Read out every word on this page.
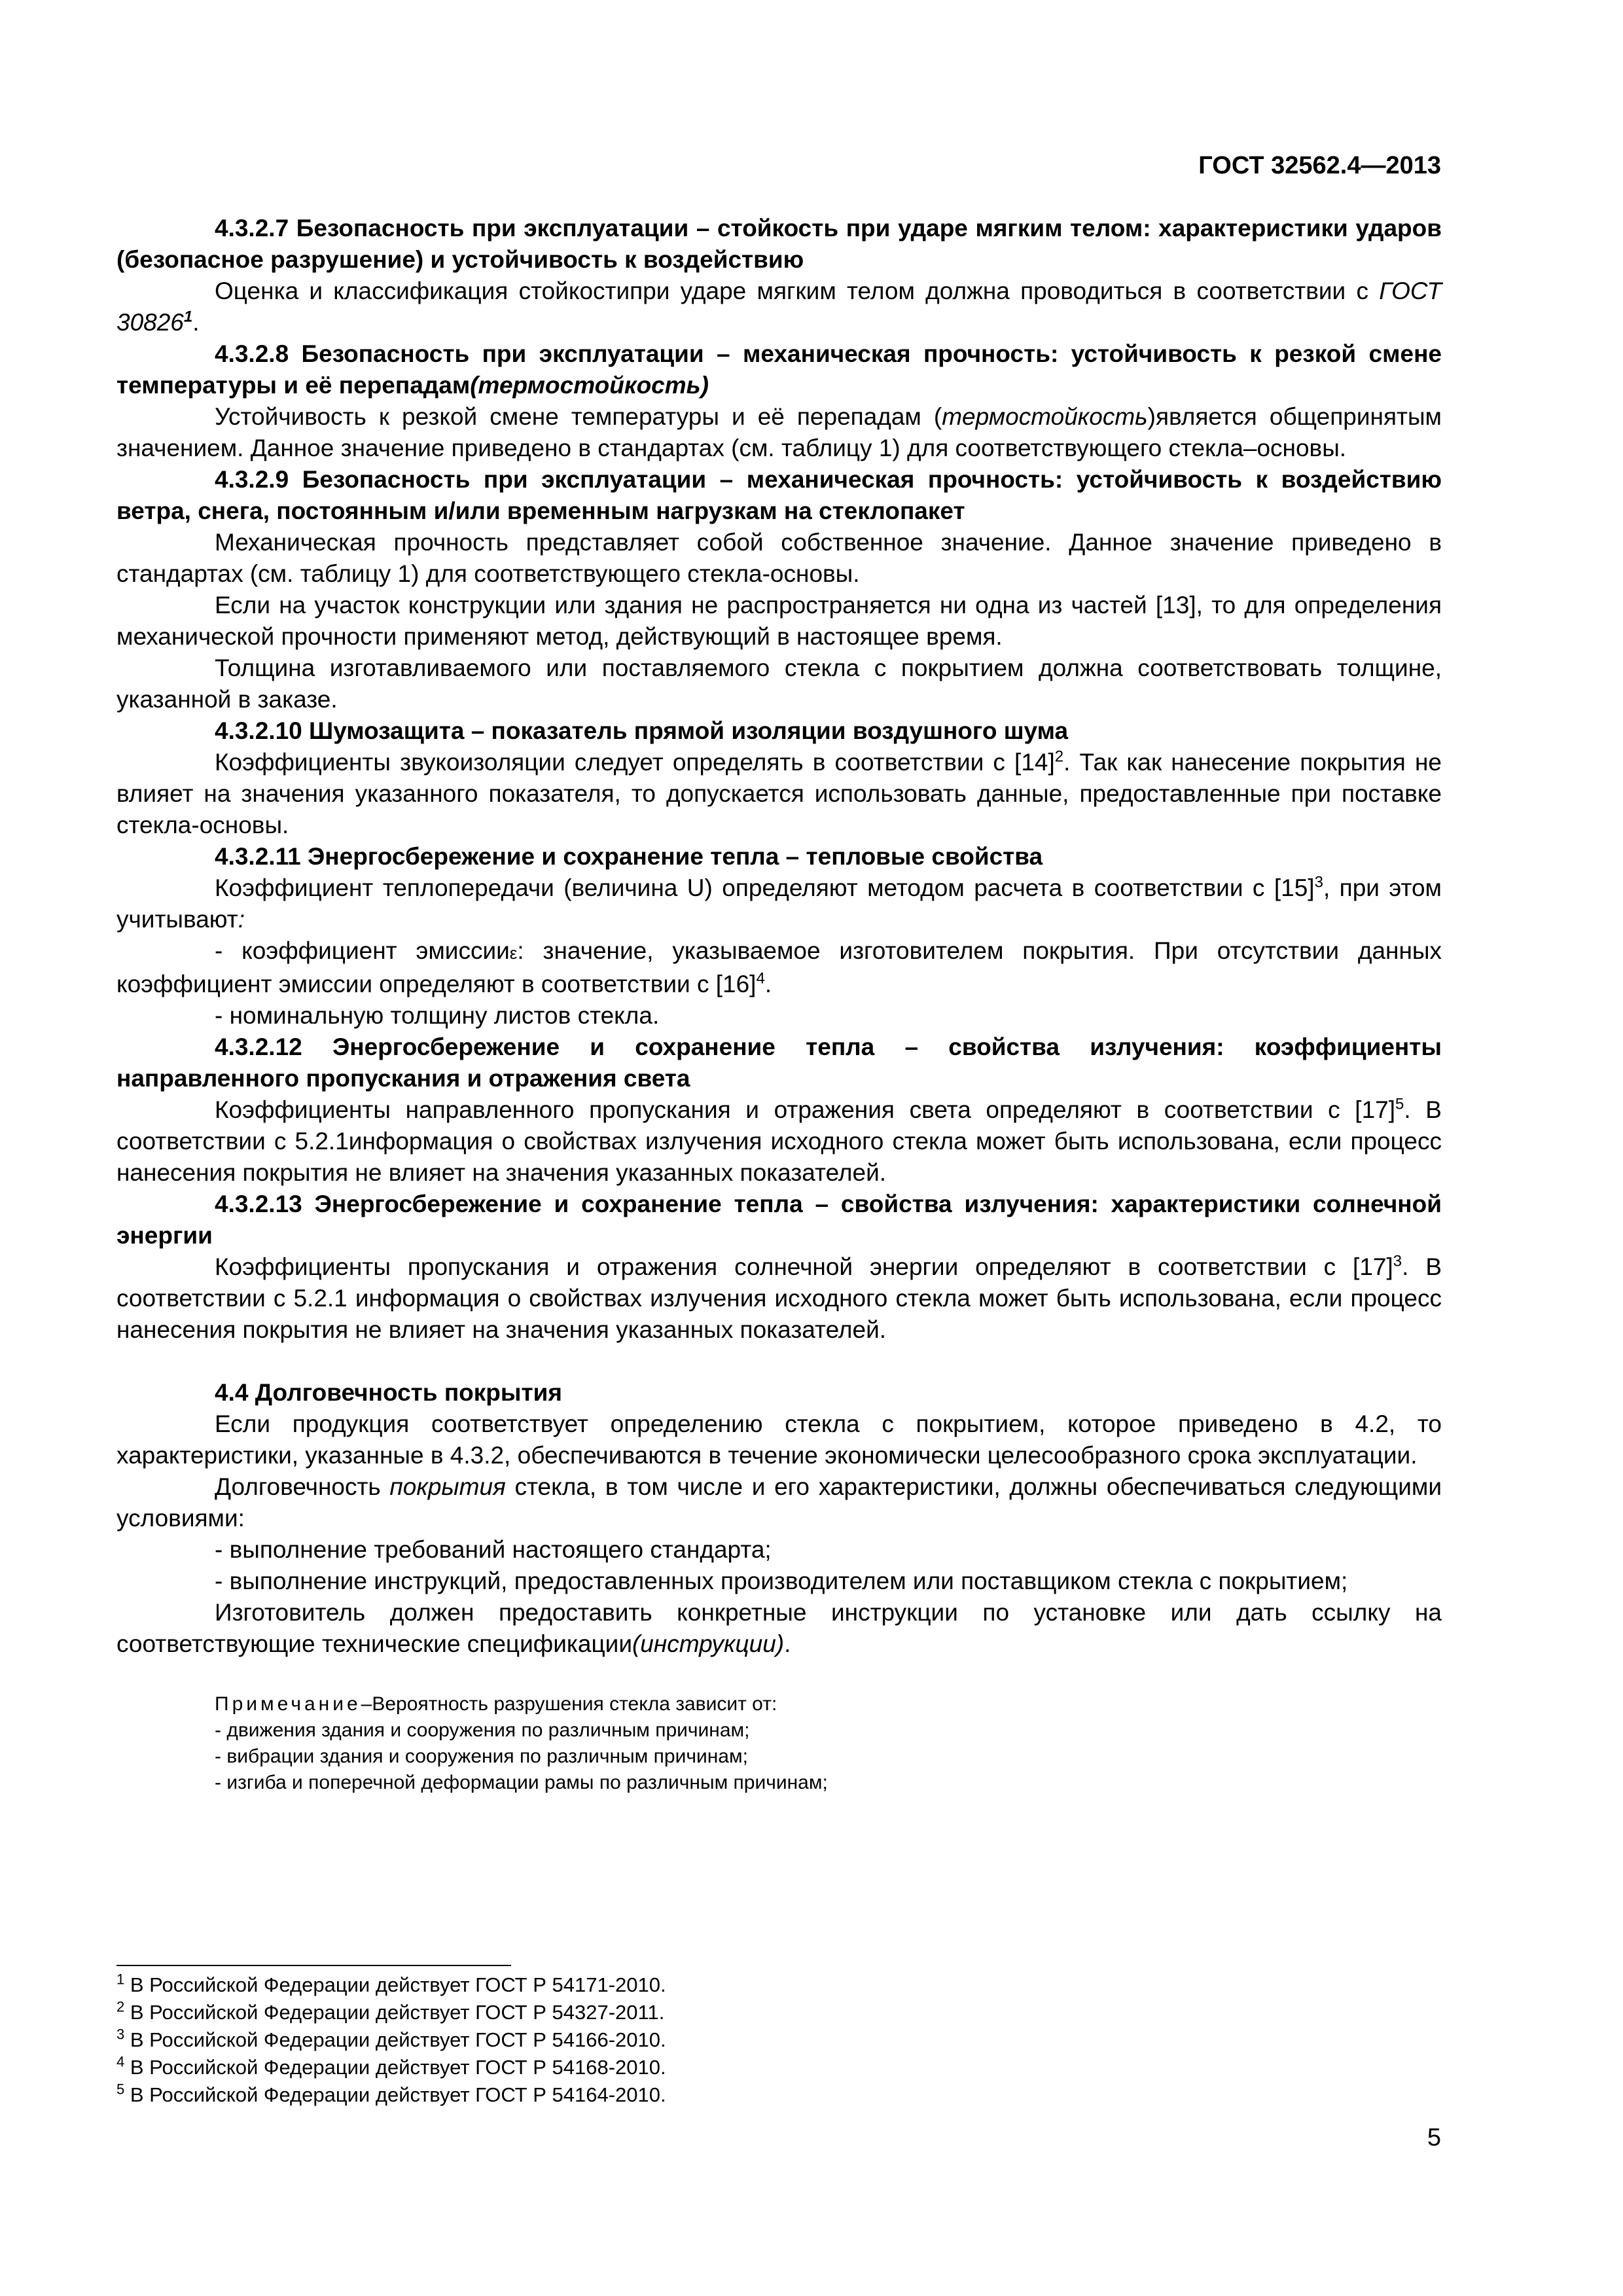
ГОСТ 32562.4—2013

4.3.2.7 Безопасность при эксплуатации – стойкость при ударе мягким телом: характеристики ударов (безопасное разрушение) и устойчивость к воздействию

Оценка и классификация стойкостипри ударе мягким телом должна проводиться в соответствии с ГОСТ 30826$^1$.

4.3.2.8 Безопасность при эксплуатации – механическая прочность: устойчивость к резкой смене температуры и её перепадам(термостойкость)

Устойчивость к резкой смене температуры и её перепадам (термостойкость)является общепринятым значением. Данное значение приведено в стандартах (см. таблицу 1) для соответствующего стекла–основы.

4.3.2.9 Безопасность при эксплуатации – механическая прочность: устойчивость к воздействию ветра, снега, постоянным и/или временным нагрузкам на стеклопакет

Механическая прочность представляет собой собственное значение. Данное значение приведено в стандартах (см. таблицу 1) для соответствующего стекла-основы.

Если на участок конструкции или здания не распространяется ни одна из частей [13], то для определения механической прочности применяют метод, действующий в настоящее время.

Толщина изготавливаемого или поставляемого стекла с покрытием должна соответствовать толщине, указанной в заказе.

4.3.2.10 Шумозащита – показатель прямой изоляции воздушного шума

Коэффициенты звукоизоляции следует определять в соответствии с $[14]^2$. Так как нанесение покрытия не влияет на значения указанного показателя, то допускается использовать данные, предоставленные при поставке стекла-основы.

4.3.2.11 Энергосбережение и сохранение тепла – тепловые свойства

Коэффициент теплопередачи (величина U) определяют методом расчета в соответствии с $[15]^3$, при этом учитывают:

- коэффициент эмиссииε: значение, указываемое изготовителем покрытия. При отсутствии данных коэффициент эмиссии определяют в соответствии с $[16]^4$.

- номинальную толщину листов стекла.

4.3.2.12 Энергосбережение и сохранение тепла – свойства излучения: коэффициенты направленного пропускания и отражения света

Коэффициенты направленного пропускания и отражения света определяют в соответствии с $[17]^5$. В соответствии с 5.2.1информация о свойствах излучения исходного стекла может быть использована, если процесс нанесения покрытия не влияет на значения указанных показателей.

4.3.2.13 Энергосбережение и сохранение тепла – свойства излучения: характеристики солнечной энергии

Коэффициенты пропускания и отражения солнечной энергии определяют в соответствии с $[17]^3$. В соответствии с 5.2.1 информация о свойствах излучения исходного стекла может быть использована, если процесс нанесения покрытия не влияет на значения указанных показателей.

4.4 Долговечность покрытия

Если продукция соответствует определению стекла с покрытием, которое приведено в 4.2, то характеристики, указанные в 4.3.2, обеспечиваются в течение экономически целесообразного срока эксплуатации.

Долговечность покрытия стекла, в том числе и его характеристики, должны обеспечиваться следующими условиями:

- выполнение требований настоящего стандарта;

- выполнение инструкций, предоставленных производителем или поставщиком стекла с покрытием;

Изготовитель должен предоставить конкретные инструкции по установке или дать ссылку на соответствующие технические спецификации(инструкции).

Примечание–Вероятность разрушения стекла зависит от:
- движения здания и сооружения по различным причинам;
- вибрации здания и сооружения по различным причинам;
- изгиба и поперечной деформации рамы по различным причинам;
$^1$ В Российской Федерации действует ГОСТ Р 54171-2010.
$^2$ В Российской Федерации действует ГОСТ Р 54327-2011.
$^3$ В Российской Федерации действует ГОСТ Р 54166-2010.
$^4$ В Российской Федерации действует ГОСТ Р 54168-2010.
$^5$ В Российской Федерации действует ГОСТ Р 54164-2010.
5
